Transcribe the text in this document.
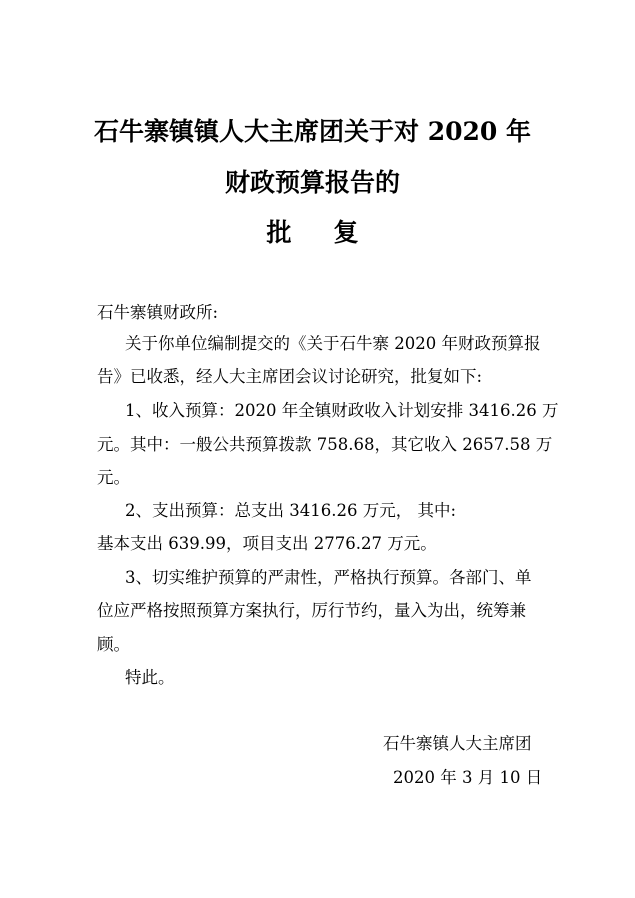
石牛寨镇镇人大主席团关于对 2020 年
财政预算报告的
批 复
石牛寨镇财政所:
关于你单位编制提交的《关于石牛寨 2020 年财政预算报
告》已收悉，经人大主席团会议讨论研究，批复如下:
1、收入预算：2020 年全镇财政收入计划安排 3416.26 万
元。其中：一般公共预算拨款 758.68，其它收入 2657.58 万
元。
2、支出预算：总支出 3416.26 万元， 其中:
基本支出 639.99，项目支出 2776.27 万元。
3、切实维护预算的严肃性，严格执行预算。各部门、单
位应严格按照预算方案执行，厉行节约，量入为出，统筹兼
顾。
特此。
石牛寨镇人大主席团
2020 年 3 月 10 日
